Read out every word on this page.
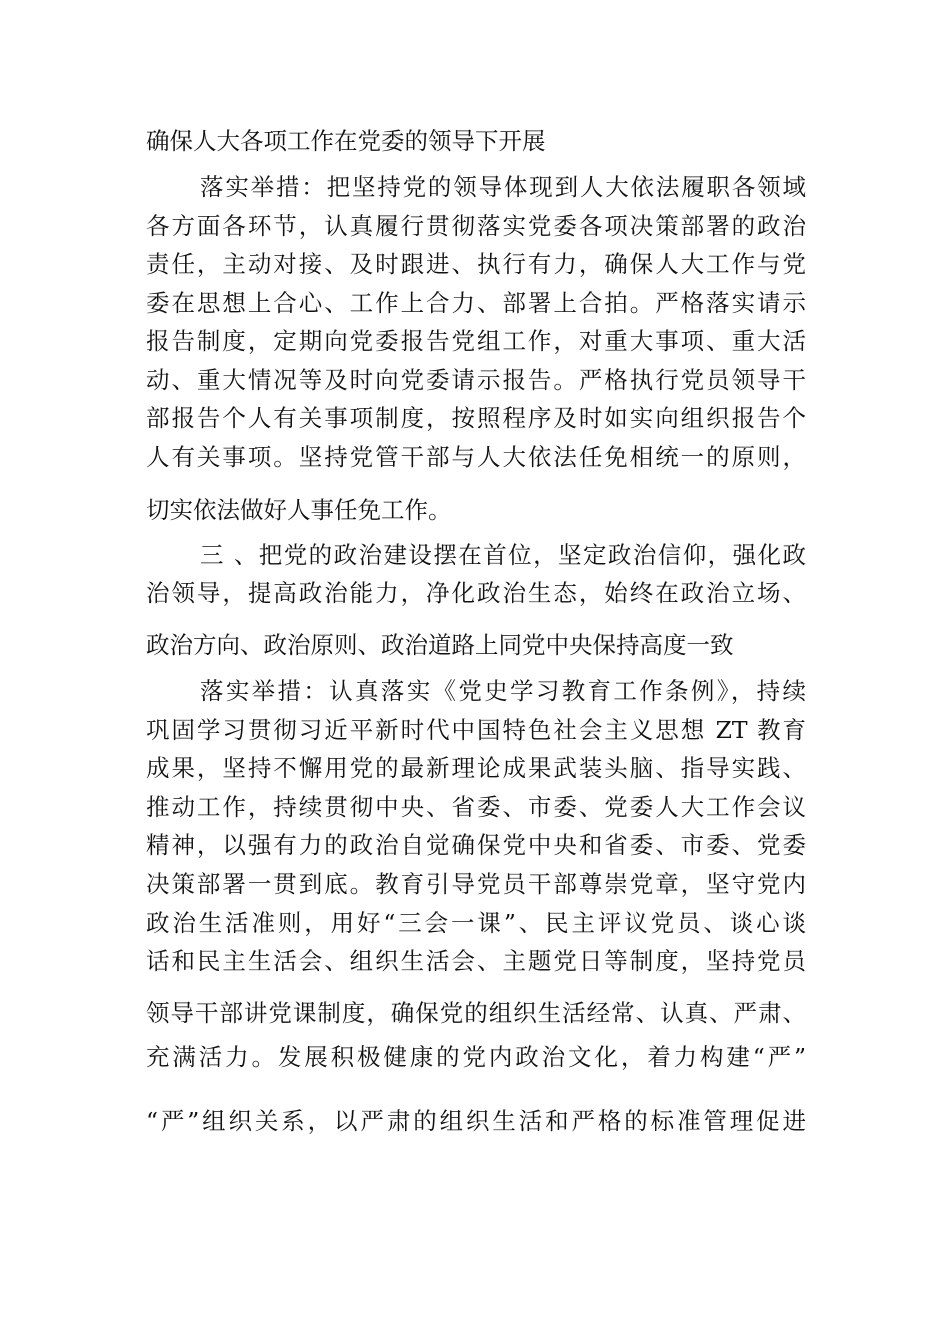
确保人大各项工作在党委的领导下开展
落实举措：把坚持党的领导体现到人大依法履职各领域
各方面各环节，认真履行贯彻落实党委各项决策部署的政治
责任，主动对接、及时跟进、执行有力，确保人大工作与党
委在思想上合心、工作上合力、部署上合拍。严格落实请示
报告制度，定期向党委报告党组工作，对重大事项、重大活
动、重大情况等及时向党委请示报告。严格执行党员领导干
部报告个人有关事项制度，按照程序及时如实向组织报告个
人有关事项。坚持党管干部与人大依法任免相统一的原则，
切实依法做好人事任免工作。
三 、把党的政治建设摆在首位，坚定政治信仰，强化政
治领导，提高政治能力，净化政治生态，始终在政治立场、
政治方向、政治原则、政治道路上同党中央保持高度一致
落实举措：认真落实《党史学习教育工作条例》，持续
巩固学习贯彻习近平新时代中国特色社会主义思想 ZT 教育
成果，坚持不懈用党的最新理论成果武装头脑、指导实践、
推动工作，持续贯彻中央、省委、市委、党委人大工作会议
精神，以强有力的政治自觉确保党中央和省委、市委、党委
决策部署一贯到底。教育引导党员干部尊崇党章，坚守党内
政治生活准则，用好“三会一课”、民主评议党员、谈心谈
话和民主生活会、组织生活会、主题党日等制度，坚持党员
领导干部讲党课制度，确保党的组织生活经常、认真、严肃、
充满活力。发展积极健康的党内政治文化，着力构建“严”
“严”组织关系，以严肃的组织生活和严格的标准管理促进
